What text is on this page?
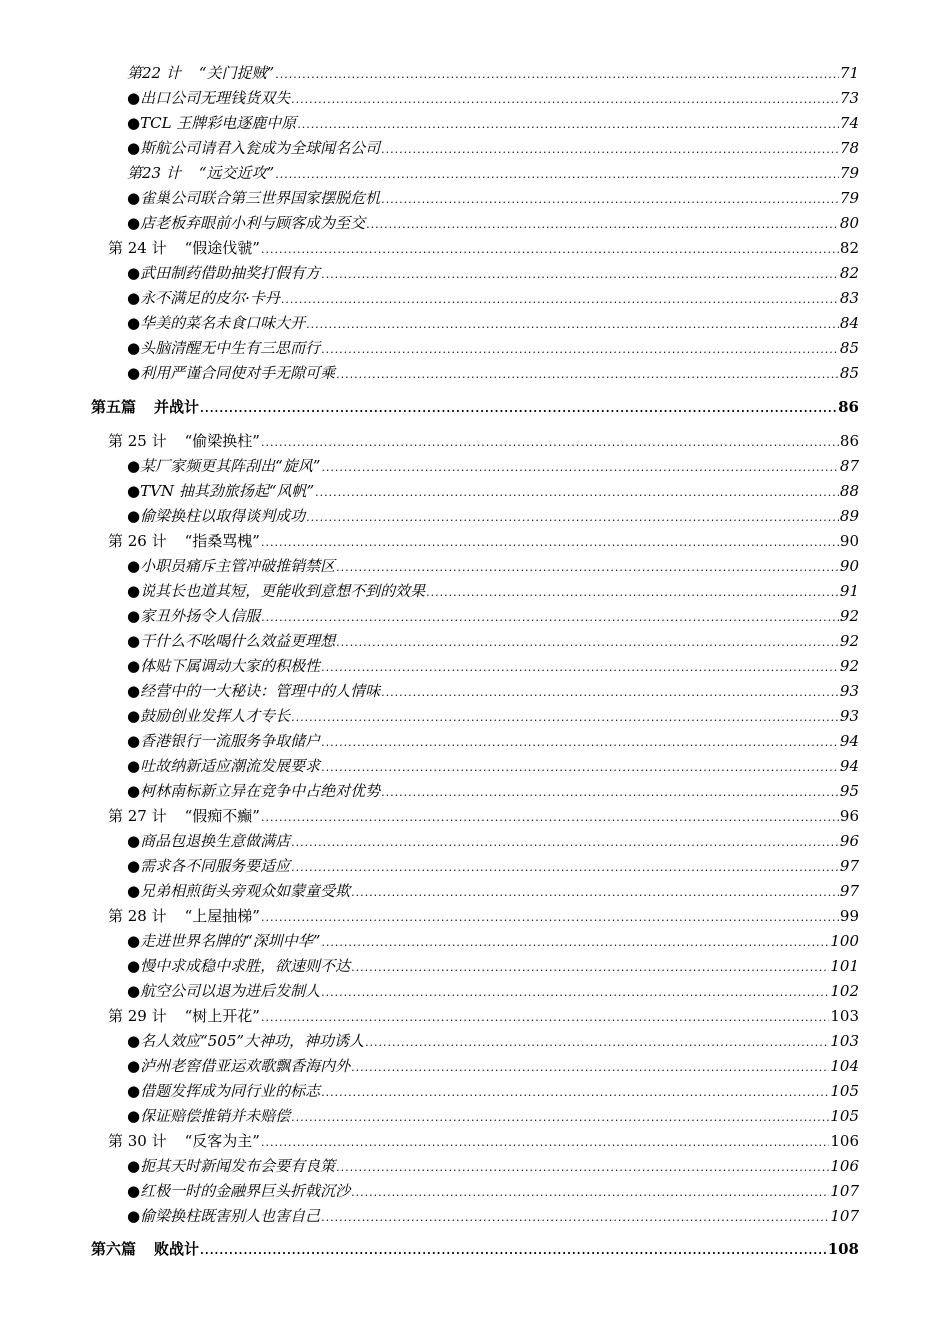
第22 计 “关门捉贼” .....	71
●出口公司无理钱货双失 .....	73
●TCL 王牌彩电逐鹿中原 .....	74
●斯航公司请君入瓮成为全球闻名公司 .....	78
第23 计 “远交近攻” .....	79
●雀巢公司联合第三世界国家摆脱危机 .....	79
●店老板弃眼前小利与顾客成为至交 .....	80
第 24 计 “假途伐虢” .....	82
●武田制药借助抽奖打假有方 .....	82
●永不满足的皮尔·卡丹 .....	83
●华美的菜名未食口味大开 .....	84
●头脑清醒无中生有三思而行 .....	85
●利用严谨合同使对手无隙可乘 .....	85
第五篇 并战计 .....	86
第 25 计 “偷梁换柱” .....	86
●某厂家频更其阵刮出“旋风” .....	87
●TVN 抽其劲旅扬起“风帆” .....	88
●偷梁换柱以取得谈判成功 .....	89
第 26 计 “指桑骂槐” .....	90
●小职员痛斥主管冲破推销禁区 .....	90
●说其长也道其短，更能收到意想不到的效果 .....	91
●家丑外扬令人信服 .....	92
●干什么不吆喝什么效益更理想 .....	92
●体贴下属调动大家的积极性 .....	92
●经营中的一大秘诀：管理中的人情味 .....	93
●鼓励创业发挥人才专长 .....	93
●香港银行一流服务争取储户 .....	94
●吐故纳新适应潮流发展要求 .....	94
●柯林南标新立异在竞争中占绝对优势 .....	95
第 27 计 “假痴不癫” .....	96
●商品包退换生意做满店 .....	96
●需求各不同服务要适应 .....	97
●兄弟相煎街头旁观众如蒙童受欺 .....	97
第 28 计 “上屋抽梯” .....	99
●走进世界名牌的“深圳中华” .....	100
●慢中求成稳中求胜，欲速则不达 .....	101
●航空公司以退为进后发制人 .....	102
第 29 计 “树上开花” .....	103
●名人效应“505”大神功，神功诱人 .....	103
●泸州老窖借亚运欢歌飘香海内外 .....	104
●借题发挥成为同行业的标志 .....	105
●保证赔偿推销并未赔偿 .....	105
第 30 计 “反客为主” .....	106
●扼其天时新闻发布会要有良策 .....	106
●红极一时的金融界巨头折戟沉沙 .....	107
●偷梁换柱既害别人也害自己 .....	107
第六篇 败战计 .....	108
